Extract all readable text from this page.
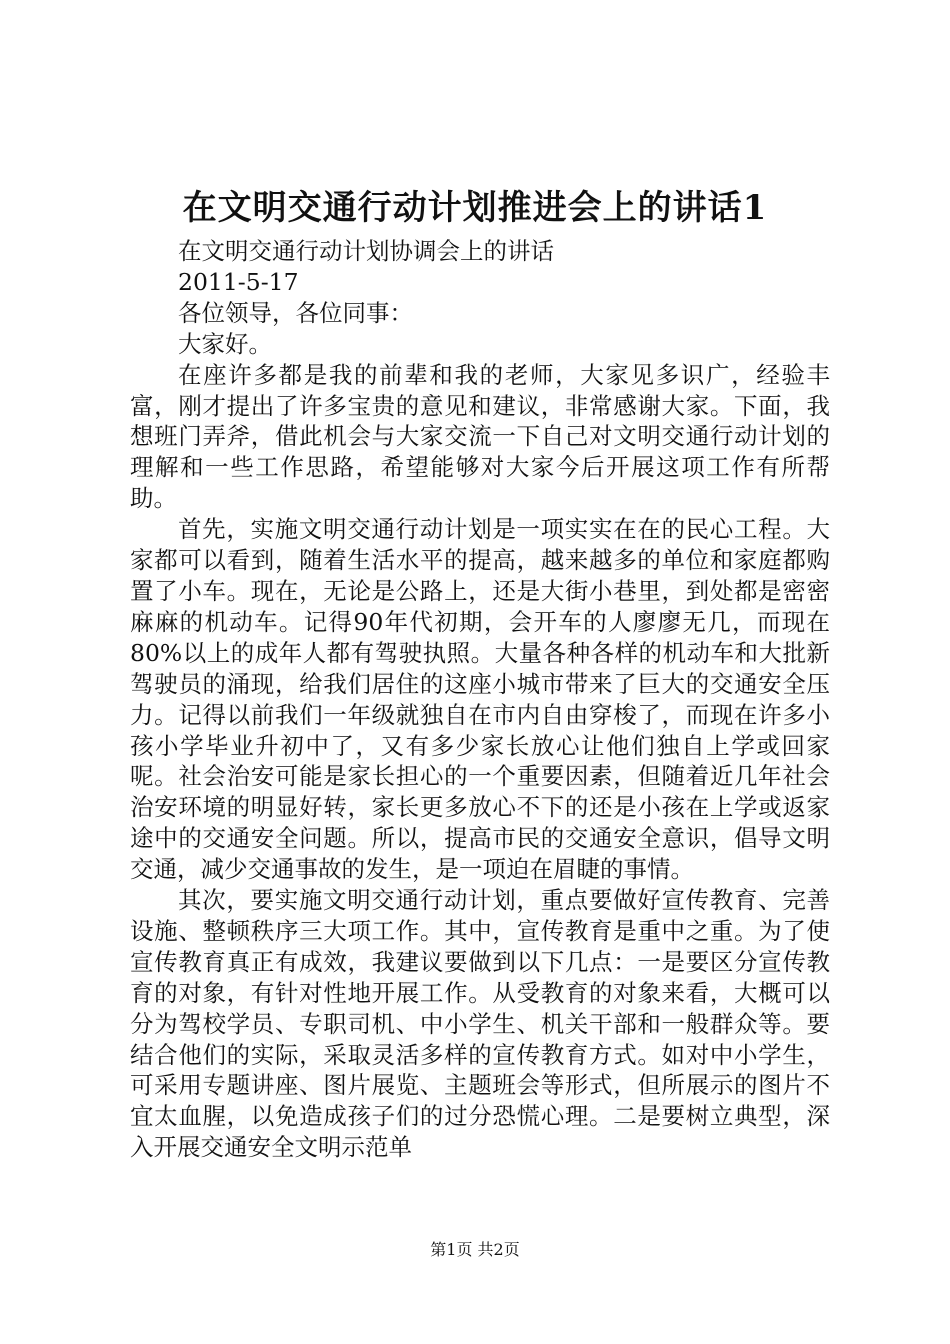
在文明交通行动计划推进会上的讲话1
在文明交通行动计划协调会上的讲话
2011-5-17
各位领导，各位同事：
大家好。

在座许多都是我的前辈和我的老师，大家见多识广，经验丰富，刚才提出了许多宝贵的意见和建议，非常感谢大家。下面，我想班门弄斧，借此机会与大家交流一下自己对文明交通行动计划的理解和一些工作思路，希望能够对大家今后开展这项工作有所帮助。

首先，实施文明交通行动计划是一项实实在在的民心工程。大家都可以看到，随着生活水平的提高，越来越多的单位和家庭都购置了小车。现在，无论是公路上，还是大街小巷里，到处都是密密麻麻的机动车。记得90年代初期，会开车的人廖廖无几，而现在80%以上的成年人都有驾驶执照。大量各种各样的机动车和大批新驾驶员的涌现，给我们居住的这座小城市带来了巨大的交通安全压力。记得以前我们一年级就独自在市内自由穿梭了，而现在许多小孩小学毕业升初中了，又有多少家长放心让他们独自上学或回家呢。社会治安可能是家长担心的一个重要因素，但随着近几年社会治安环境的明显好转，家长更多放心不下的还是小孩在上学或返家途中的交通安全问题。所以，提高市民的交通安全意识，倡导文明交通，减少交通事故的发生，是一项迫在眉睫的事情。

其次，要实施文明交通行动计划，重点要做好宣传教育、完善设施、整顿秩序三大项工作。其中，宣传教育是重中之重。为了使宣传教育真正有成效，我建议要做到以下几点：一是要区分宣传教育的对象，有针对性地开展工作。从受教育的对象来看，大概可以分为驾校学员、专职司机、中小学生、机关干部和一般群众等。要结合他们的实际，采取灵活多样的宣传教育方式。如对中小学生，可采用专题讲座、图片展览、主题班会等形式，但所展示的图片不宜太血腥，以免造成孩子们的过分恐慌心理。二是要树立典型，深入开展交通安全文明示范单

第1页 共2页
